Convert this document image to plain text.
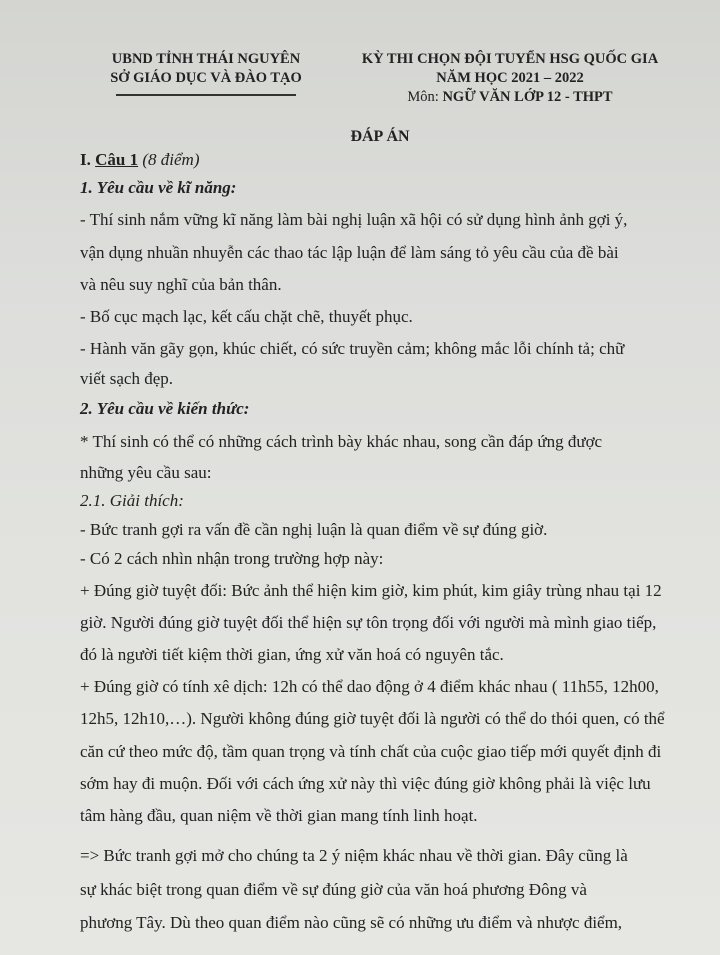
UBND TỈNH THÁI NGUYÊN
SỞ GIÁO DỤC VÀ ĐÀO TẠO
KỲ THI CHỌN ĐỘI TUYỂN HSG QUỐC GIA
NĂM HỌC 2021 – 2022
Môn: NGỮ VĂN LỚP 12 - THPT
ĐÁP ÁN
I. Câu 1 (8 điểm)
1. Yêu cầu về kĩ năng:
- Thí sinh nắm vững kĩ năng làm bài nghị luận xã hội có sử dụng hình ảnh gợi ý,
vận dụng nhuần nhuyễn các thao tác lập luận để làm sáng tỏ yêu cầu của đề bài
và nêu suy nghĩ của bản thân.
- Bố cục mạch lạc, kết cấu chặt chẽ, thuyết phục.
- Hành văn gãy gọn, khúc chiết, có sức truyền cảm; không mắc lỗi chính tả; chữ
viết sạch đẹp.
2. Yêu cầu về kiến thức:
* Thí sinh có thể có những cách trình bày khác nhau, song cần đáp ứng được
những yêu cầu sau:
2.1. Giải thích:
- Bức tranh gợi ra vấn đề cần nghị luận là quan điểm về sự đúng giờ.
- Có 2 cách nhìn nhận trong trường hợp này:
+ Đúng giờ tuyệt đối: Bức ảnh thể hiện kim giờ, kim phút, kim giây trùng nhau tại 12
giờ. Người đúng giờ tuyệt đối thể hiện sự tôn trọng đối với người mà mình giao tiếp,
đó là người tiết kiệm thời gian, ứng xử văn hoá có nguyên tắc.
+ Đúng giờ có tính xê dịch: 12h có thể dao động ở 4 điểm khác nhau ( 11h55, 12h00,
12h5, 12h10,…). Người không đúng giờ tuyệt đối là người có thể do thói quen, có thể
căn cứ theo mức độ, tầm quan trọng và tính chất của cuộc giao tiếp mới quyết định đi
sớm hay đi muộn. Đối với cách ứng xử này thì việc đúng giờ không phải là việc lưu
tâm hàng đầu, quan niệm về thời gian mang tính linh hoạt.
=> Bức tranh gợi mở cho chúng ta 2 ý niệm khác nhau về thời gian. Đây cũng là
sự khác biệt trong quan điểm về sự đúng giờ của văn hoá phương Đông và
phương Tây. Dù theo quan điểm nào cũng sẽ có những ưu điểm và nhược điểm,
